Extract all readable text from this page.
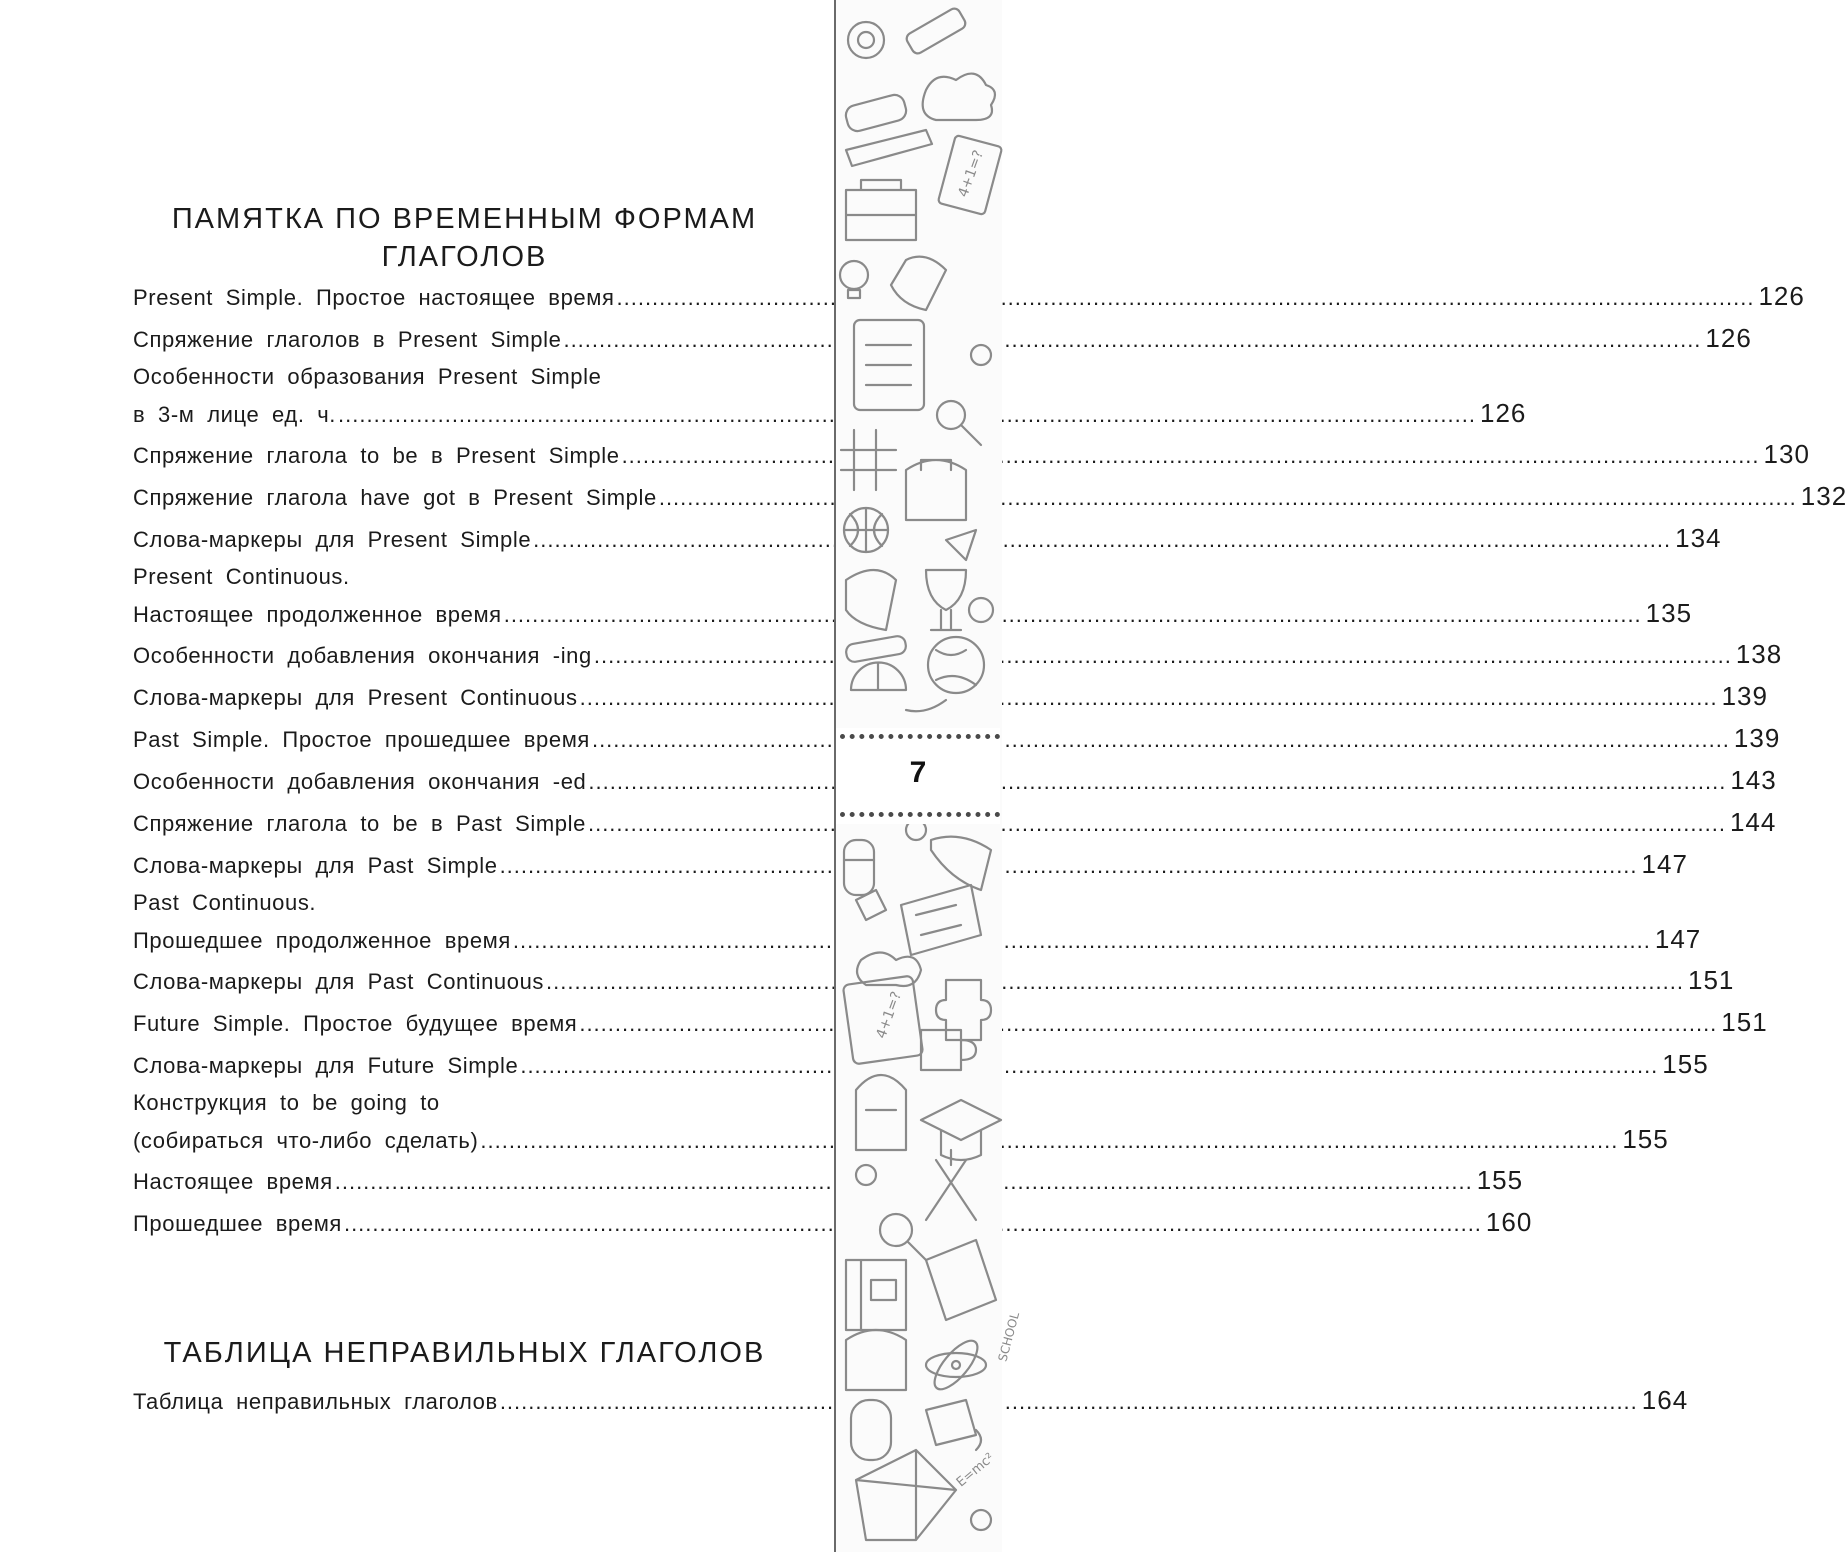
ПАМЯТКА ПО ВРЕМЕННЫМ ФОРМАМ
ГЛАГОЛОВ
Present Simple. Простое настоящее время .....	126
Спряжение глаголов в Present Simple .....	126
Особенности образования Present Simple
в 3-м лице ед. ч. .....	126
Спряжение глагола to be в Present Simple .....	130
Спряжение глагола have got в Present Simple .....	132
Слова-маркеры для Present Simple .....	134
Present Continuous.
Настоящее продолженное время .....	135
Особенности добавления окончания -ing .....	138
Слова-маркеры для Present Continuous .....	139
Past Simple. Простое прошедшее время .....	139
Особенности добавления окончания -ed .....	143
Спряжение глагола to be в Past Simple .....	144
Слова-маркеры для Past Simple .....	147
Past Continuous.
Прошедшее продолженное время .....	147
Слова-маркеры для Past Continuous .....	151
Future Simple. Простое будущее время .....	151
Слова-маркеры для Future Simple .....	155
Конструкция to be going to
(собираться что-либо сделать) .....	155
Настоящее время .....	155
Прошедшее время .....	160
ТАБЛИЦА НЕПРАВИЛЬНЫХ ГЛАГОЛОВ
Таблица неправильных глаголов .....	164
4+1=?
4+1=?
E=mc²
SCHOOL
7
